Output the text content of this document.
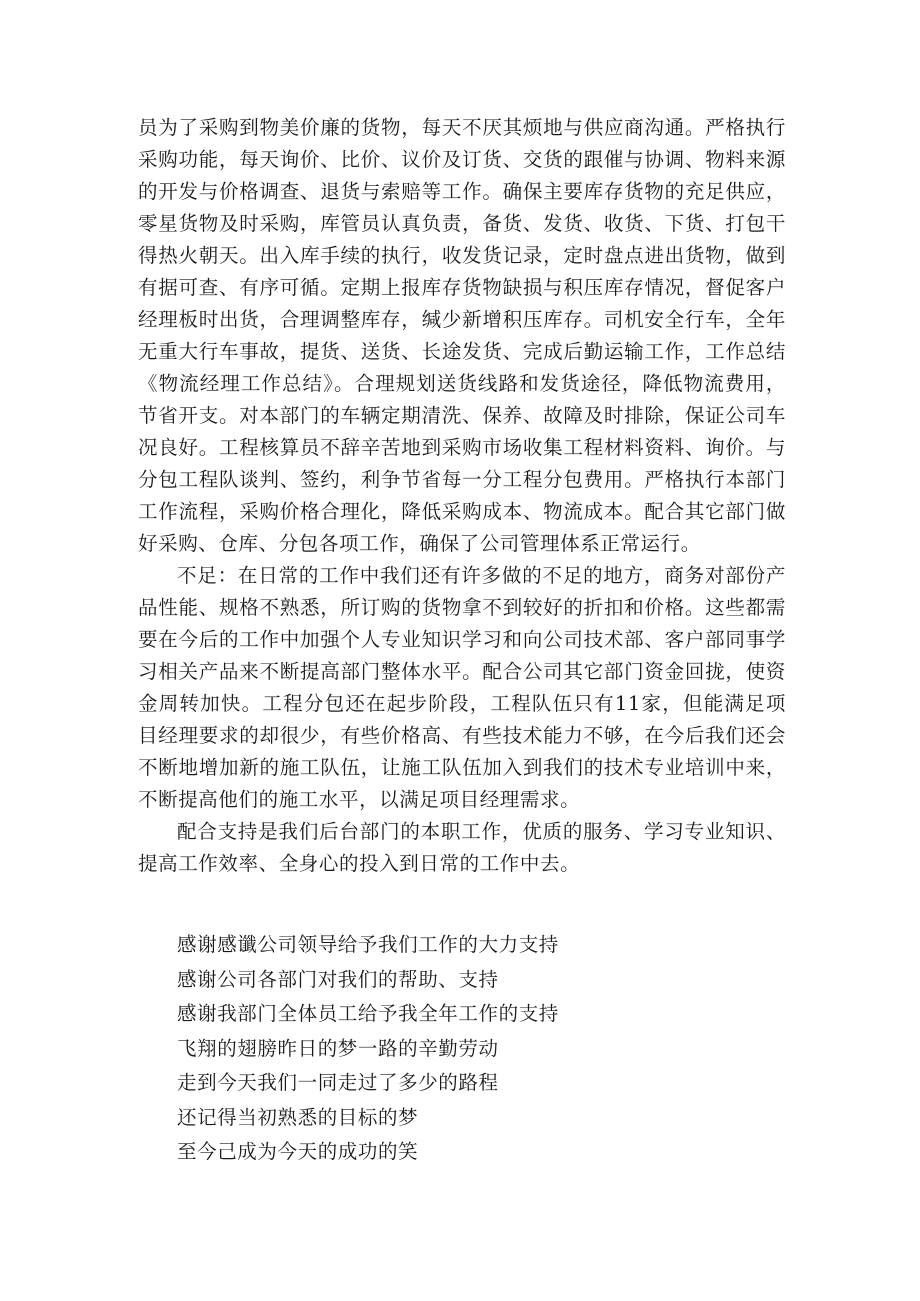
员为了采购到物美价廉的货物，每天不厌其烦地与供应商沟通。严格执行采购功能，每天询价、比价、议价及订货、交货的跟催与协调、物料来源的开发与价格调查、退货与索赔等工作。确保主要库存货物的充足供应，零星货物及时采购，库管员认真负责，备货、发货、收货、下货、打包干得热火朝天。出入库手续的执行，收发货记录，定时盘点进出货物，做到有据可查、有序可循。定期上报库存货物缺损与积压库存情况，督促客户经理板时出货，合理调整库存，缄少新增积压库存。司机安全行车，全年无重大行车事故，提货、送货、长途发货、完成后勤运输工作，工作总结《物流经理工作总结》。合理规划送货线路和发货途径，降低物流费用，节省开支。对本部门的车辆定期清洗、保养、故障及时排除，保证公司车况良好。工程核算员不辞辛苦地到采购市场收集工程材料资料、询价。与分包工程队谈判、签约，利争节省每一分工程分包费用。严格执行本部门工作流程，采购价格合理化，降低采购成本、物流成本。配合其它部门做好采购、仓库、分包各项工作，确保了公司管理体系正常运行。

不足：在日常的工作中我们还有许多做的不足的地方，商务对部份产品性能、规格不熟悉，所订购的货物拿不到较好的折扣和价格。这些都需要在今后的工作中加强个人专业知识学习和向公司技术部、客户部同事学习相关产品来不断提高部门整体水平。配合公司其它部门资金回拢，使资金周转加快。工程分包还在起步阶段，工程队伍只有11家，但能满足项目经理要求的却很少，有些价格高、有些技术能力不够，在今后我们还会不断地增加新的施工队伍，让施工队伍加入到我们的技术专业培训中来，不断提高他们的施工水平，以满足项目经理需求。

配合支持是我们后台部门的本职工作，优质的服务、学习专业知识、提高工作效率、全身心的投入到日常的工作中去。

感谢感谶公司领导给予我们工作的大力支持
感谢公司各部门对我们的帮助、支持
感谢我部门全体员工给予我全年工作的支持
飞翔的翅膀昨日的梦一路的辛勤劳动
走到今天我们一同走过了多少的路程
还记得当初熟悉的目标的梦
至今己成为今天的成功的笑
